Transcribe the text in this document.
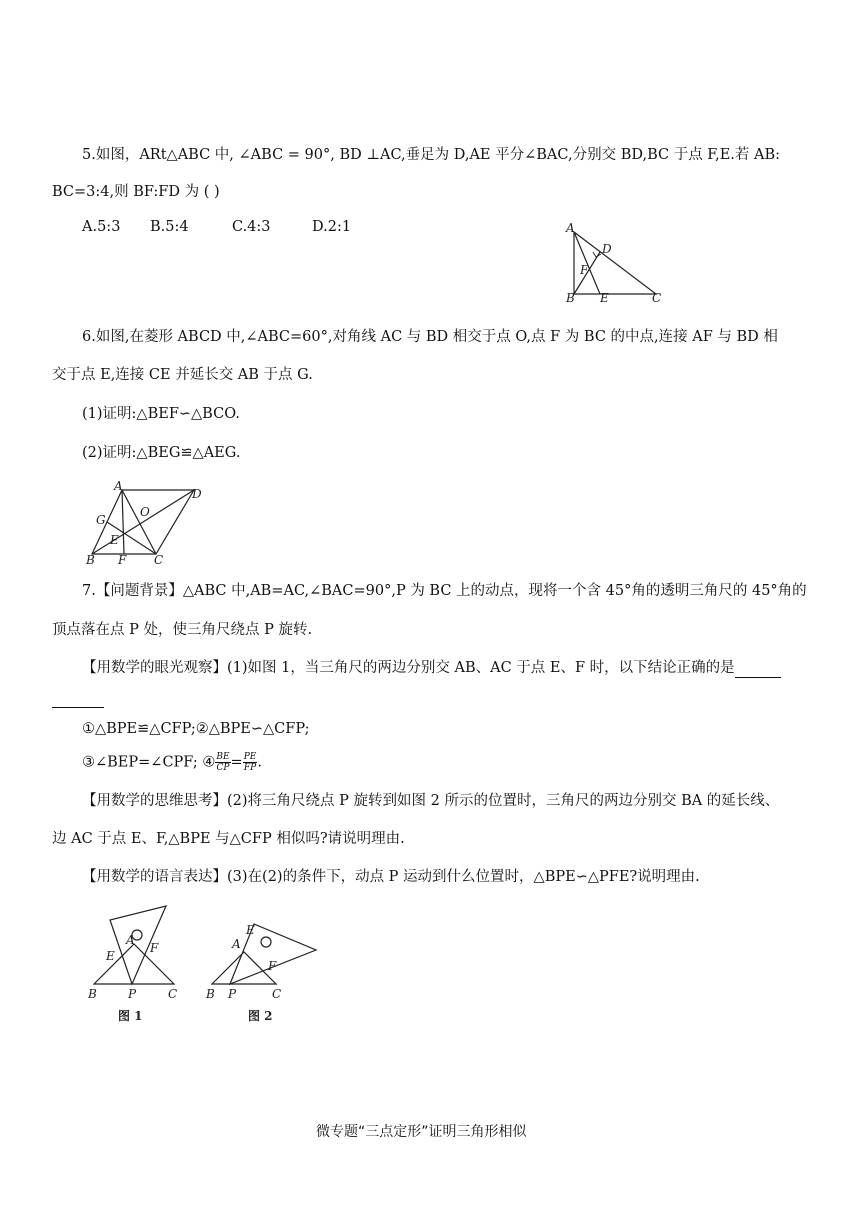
5.如图，ARt△ABC 中, ∠ABC = 90°, BD ⊥AC,垂足为 D,AE 平分∠BAC,分别交 BD,BC 于点 F,E.若 AB:
BC=3:4,则 BF:FD 为 ( )
A.5:3 B.5:4	C.4:3	D.2:1	A
D
F
B E	C
6.如图,在菱形 ABCD 中,∠ABC=60°,对角线 AC 与 BD 相交于点 O,点 F 为 BC 的中点,连接 AF 与 BD 相
交于点 E,连接 CE 并延长交 AB 于点 G.
(1)证明:△BEF∽△BCO.
(2)证明:△BEG≌△AEG.
A
D
O
G
E
B F C
7.【问题背景】△ABC 中,AB=AC,∠BAC=90°,P 为 BC 上的动点，现将一个含 45°角的透明三角尺的 45°角的
顶点落在点 P 处，使三角尺绕点 P 旋转.
【用数学的眼光观察】(1)如图 1，当三角尺的两边分别交 AB、AC 于点 E、F 时，以下结论正确的是
①△BPE≌△CFP;②△BPE∽△CFP;
③∠BEP=∠CPF; ④ $\frac{BE}{CP} = \frac{PE}{FP}$ .
【用数学的思维思考】(2)将三角尺绕点 P 旋转到如图 2 所示的位置时，三角尺的两边分别交 BA 的延长线、
边 AC 于点 E、F,△BPE 与△CFP 相似吗?请说明理由.
【用数学的语言表达】(3)在(2)的条件下，动点 P 运动到什么位置时，△BPE∽△PFE?说明理由.
A
E
F
B	P	C
图 1
A
E
F
B P	C
图 2
微专题“三点定形”证明三角形相似
